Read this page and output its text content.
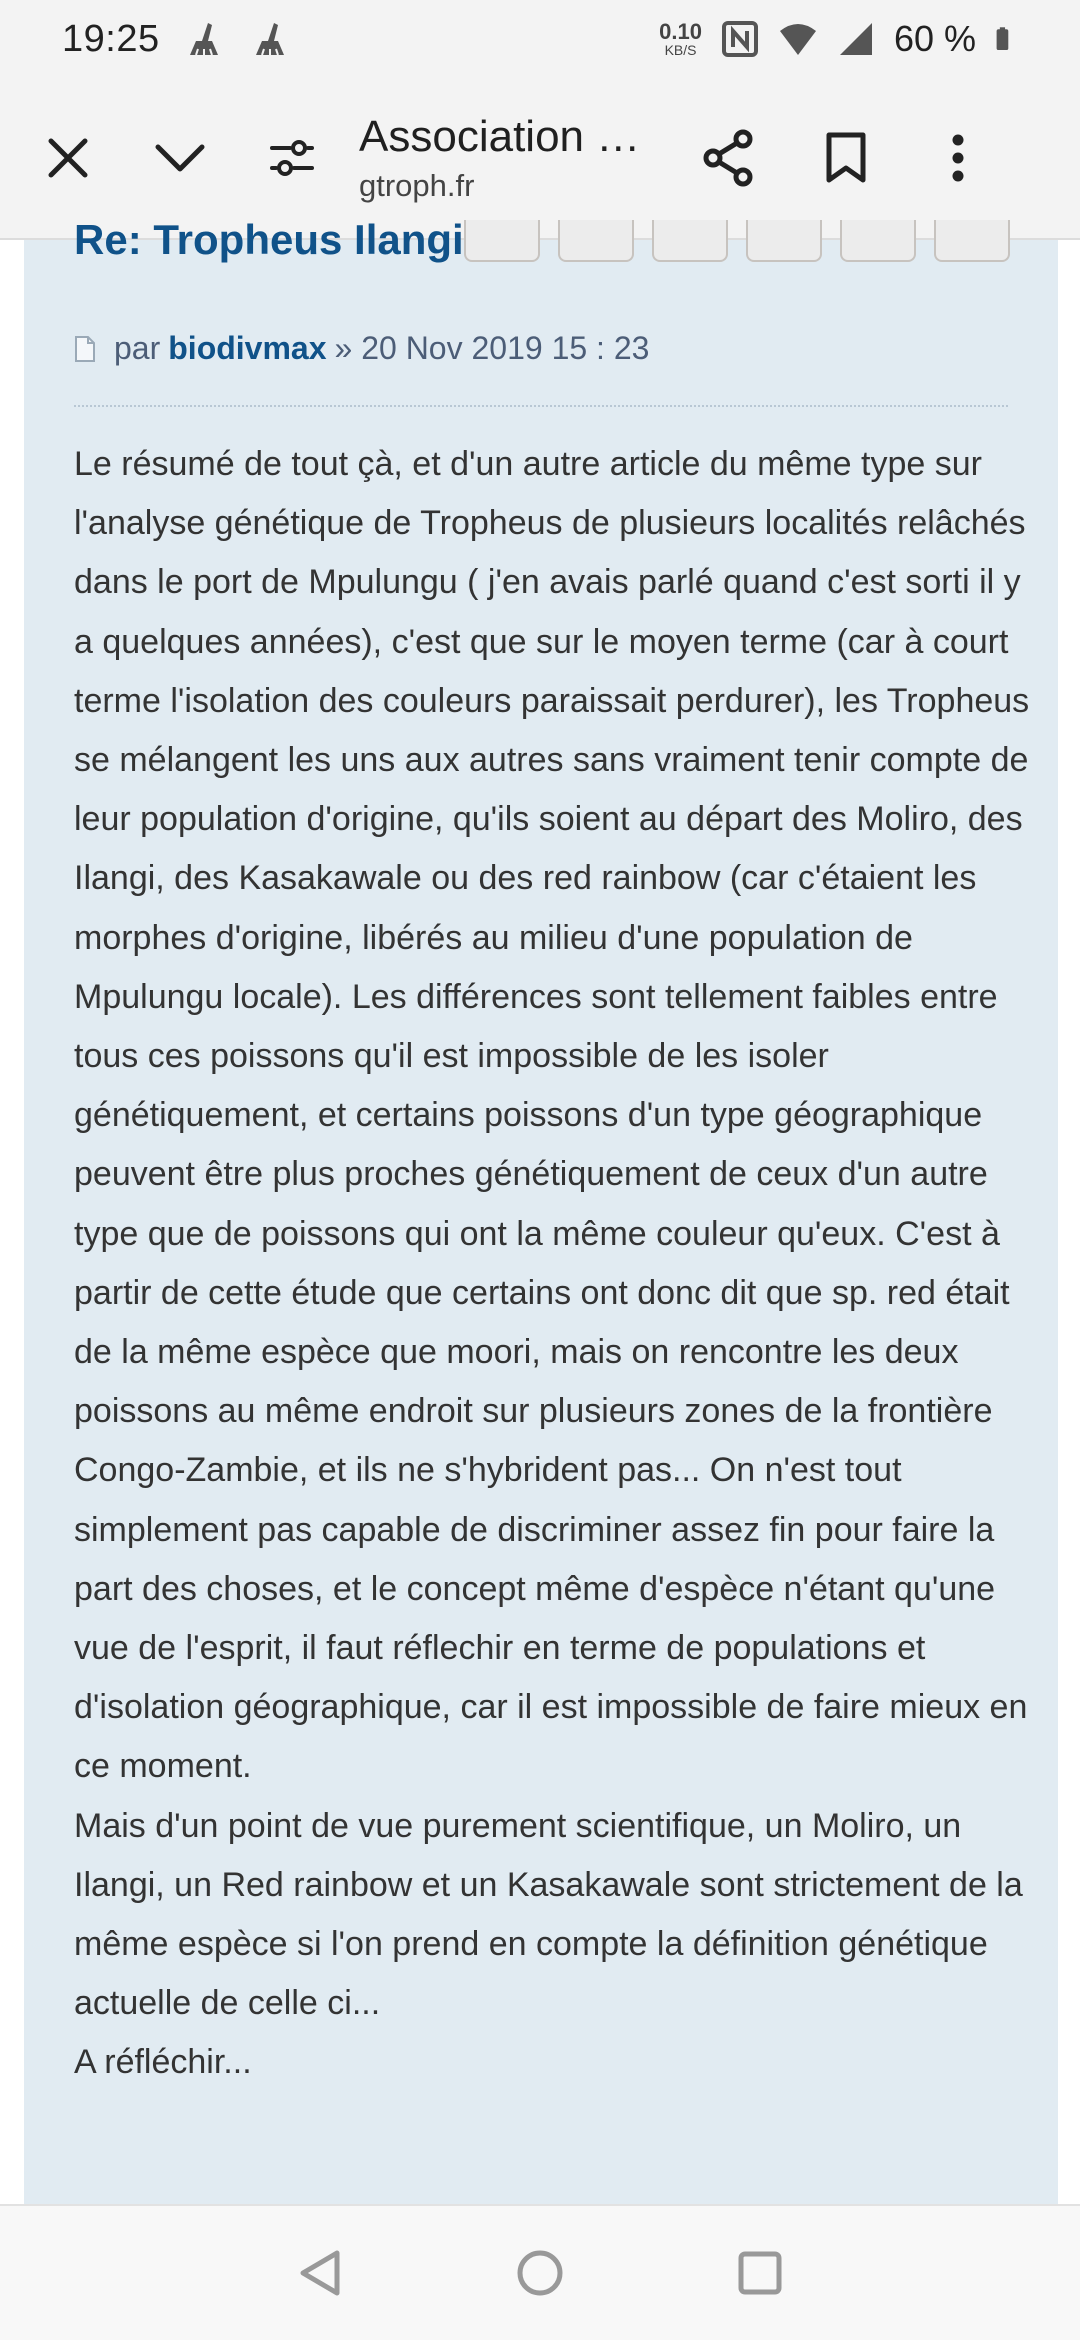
19:25	0.10
KB/S	60 %
Association …
gtroph.fr
Re: Tropheus Ilangi
par biodivmax » 20 Nov 2019 15 : 23

Le résumé de tout çà, et d'un autre article du même type sur l'analyse génétique de Tropheus de plusieurs localités relâchés dans le port de Mpulungu ( j'en avais parlé quand c'est sorti il y a quelques années), c'est que sur le moyen terme (car à court terme l'isolation des couleurs paraissait perdurer), les Tropheus se mélangent les uns aux autres sans vraiment tenir compte de leur population d'origine, qu'ils soient au départ des Moliro, des Ilangi, des Kasakawale ou des red rainbow (car c'étaient les morphes d'origine, libérés au milieu d'une population de Mpulungu locale). Les différences sont tellement faibles entre tous ces poissons qu'il est impossible de les isoler génétiquement, et certains poissons d'un type géographique peuvent être plus proches génétiquement de ceux d'un autre type que de poissons qui ont la même couleur qu'eux. C'est à partir de cette étude que certains ont donc dit que sp. red était de la même espèce que moori, mais on rencontre les deux poissons au même endroit sur plusieurs zones de la frontière Congo-Zambie, et ils ne s'hybrident pas... On n'est tout simplement pas capable de discriminer assez fin pour faire la part des choses, et le concept même d'espèce n'étant qu'une vue de l'esprit, il faut réflechir en terme de populations et d'isolation géographique, car il est impossible de faire mieux en ce moment.

Mais d'un point de vue purement scientifique, un Moliro, un Ilangi, un Red rainbow et un Kasakawale sont strictement de la même espèce si l'on prend en compte la définition génétique actuelle de celle ci...

A réfléchir...
